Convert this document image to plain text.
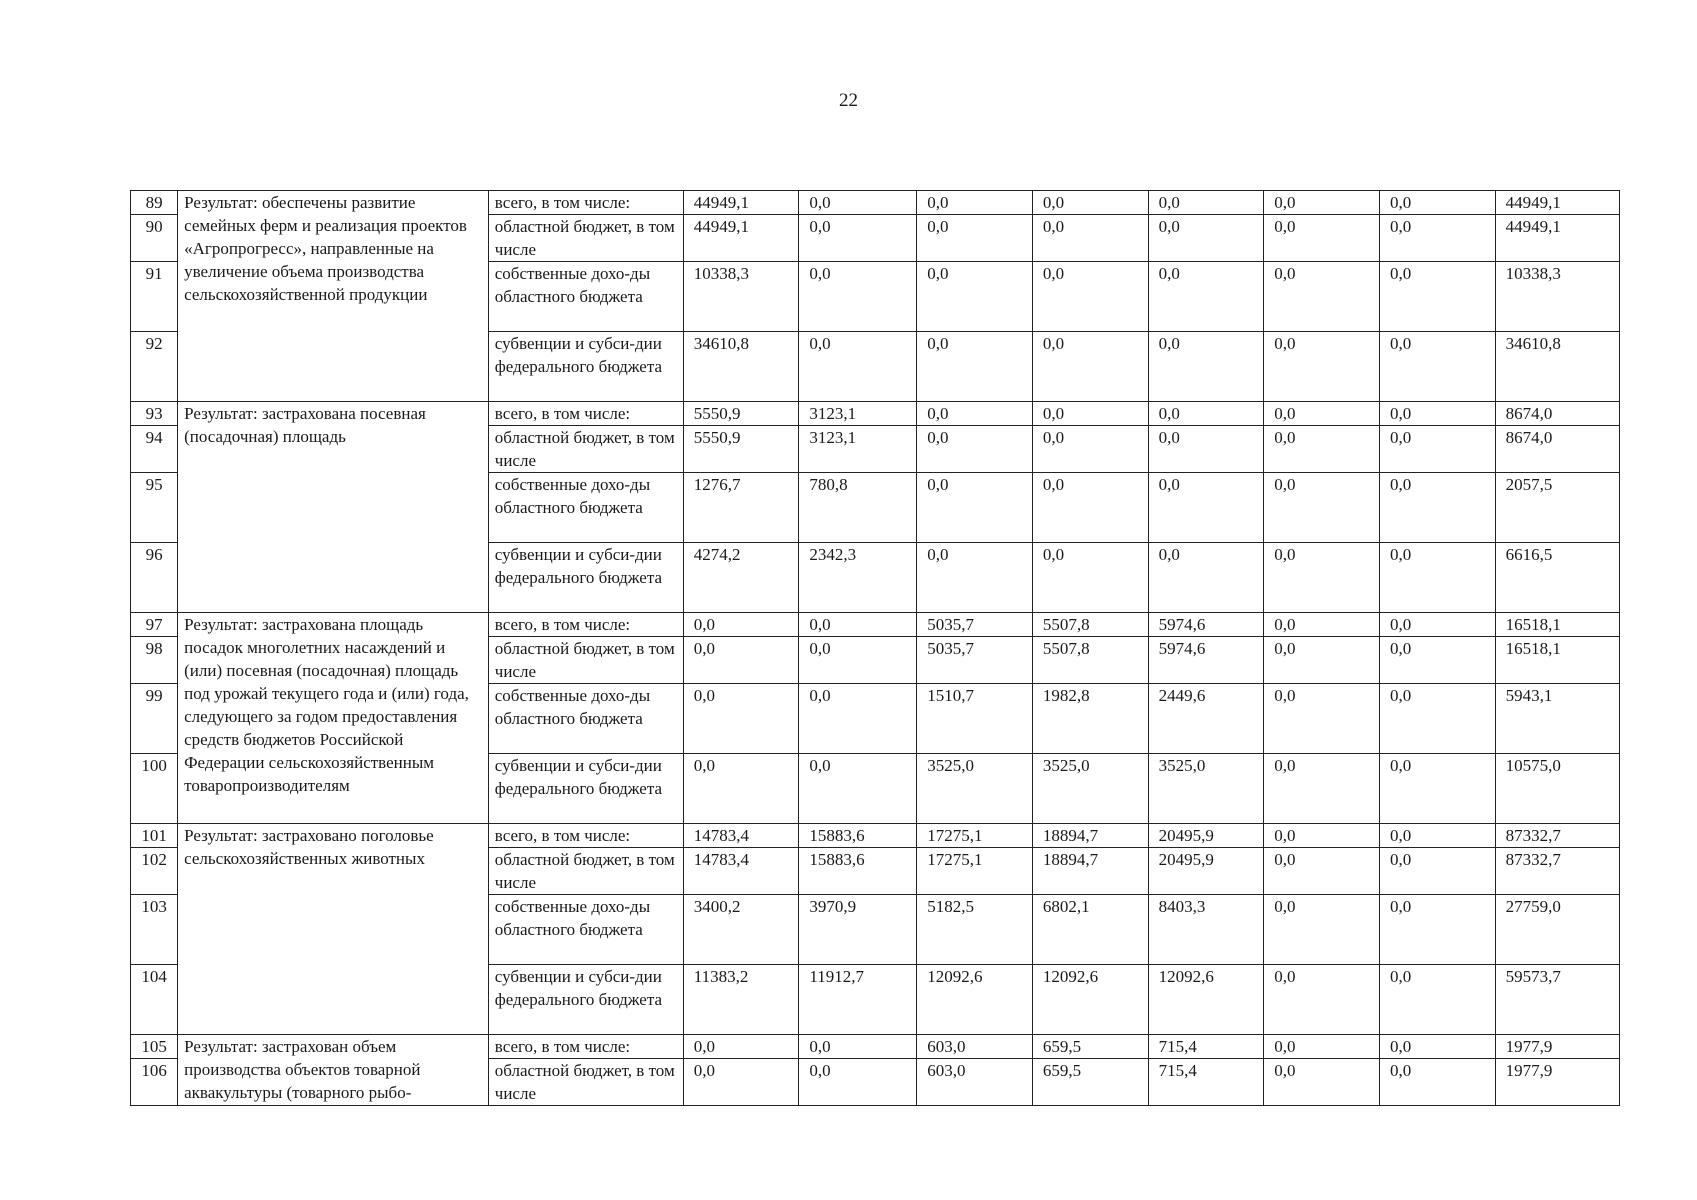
22
89	Результат: обеспечены развитие семейных ферм и реализация проектов «Агропрогресс», направленные на увеличение объема производства сельскохозяйственной продукции	всего, в том числе:	44949,1	0,0	0,0	0,0	0,0	0,0	0,0	44949,1
90		областной бюджет, в том числе	44949,1	0,0	0,0	0,0	0,0	0,0	0,0	44949,1
91		собственные дохо-ды областного бюджета	10338,3	0,0	0,0	0,0	0,0	0,0	0,0	10338,3
92		субвенции и субси-дии федерального бюджета	34610,8	0,0	0,0	0,0	0,0	0,0	0,0	34610,8
93	Результат: застрахована посевная (посадочная) площадь	всего, в том числе:	5550,9	3123,1	0,0	0,0	0,0	0,0	0,0	8674,0
94		областной бюджет, в том числе	5550,9	3123,1	0,0	0,0	0,0	0,0	0,0	8674,0
95		собственные дохо-ды областного бюджета	1276,7	780,8	0,0	0,0	0,0	0,0	0,0	2057,5
96		субвенции и субси-дии федерального бюджета	4274,2	2342,3	0,0	0,0	0,0	0,0	0,0	6616,5
97	Результат: застрахована площадь посадок многолетних насаждений и (или) посевная (посадочная) площадь под урожай текущего года и (или) года, следующего за годом предоставления средств бюджетов Российской Федерации сельскохозяйственным товаропроизводителям	всего, в том числе:	0,0	0,0	5035,7	5507,8	5974,6	0,0	0,0	16518,1
98		областной бюджет, в том числе	0,0	0,0	5035,7	5507,8	5974,6	0,0	0,0	16518,1
99		собственные дохо-ды областного бюджета	0,0	0,0	1510,7	1982,8	2449,6	0,0	0,0	5943,1
100		субвенции и субси-дии федерального бюджета	0,0	0,0	3525,0	3525,0	3525,0	0,0	0,0	10575,0
101	Результат: застраховано поголовье сельскохозяйственных животных	всего, в том числе:	14783,4	15883,6	17275,1	18894,7	20495,9	0,0	0,0	87332,7
102		областной бюджет, в том числе	14783,4	15883,6	17275,1	18894,7	20495,9	0,0	0,0	87332,7
103		собственные дохо-ды областного бюджета	3400,2	3970,9	5182,5	6802,1	8403,3	0,0	0,0	27759,0
104		субвенции и субси-дии федерального бюджета	11383,2	11912,7	12092,6	12092,6	12092,6	0,0	0,0	59573,7
105	Результат: застрахован объем производства объектов товарной аквакультуры (товарного рыбо-	всего, в том числе:	0,0	0,0	603,0	659,5	715,4	0,0	0,0	1977,9
106		областной бюджет, в том числе	0,0	0,0	603,0	659,5	715,4	0,0	0,0	1977,9
